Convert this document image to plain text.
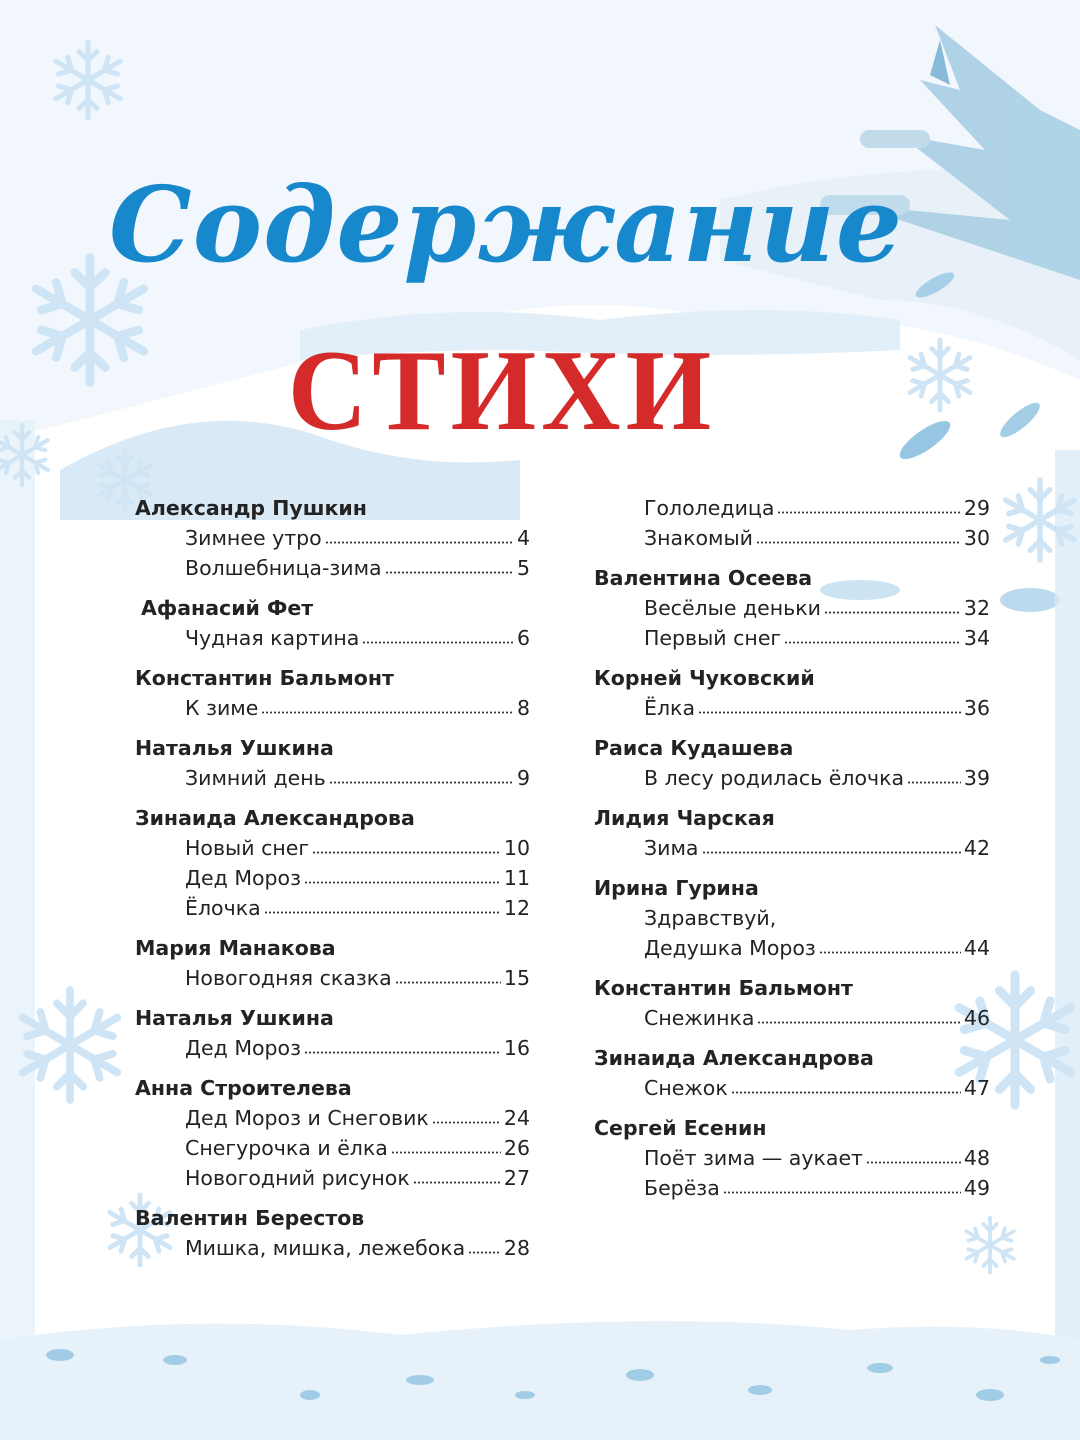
Содержание
СТИХИ
Александр Пушкин
Зимнее утро	4
Волшебница-зима	5
Афанасий Фет
Чудная картина	6
Константин Бальмонт
К зиме	8
Наталья Ушкина
Зимний день	9
Зинаида Александрова
Новый снег	10
Дед Мороз	11
Ёлочка	12
Мария Манакова
Новогодняя сказка	15
Наталья Ушкина
Дед Мороз	16
Анна Строителева
Дед Мороз и Снеговик	24
Снегурочка и ёлка	26
Новогодний рисунок	27
Валентин Берестов
Мишка, мишка, лежебока 28
Гололедица	29
Знакомый	30
Валентина Осеева
Весёлые деньки	32
Первый снег	34
Корней Чуковский
Ёлка	36
Раиса Кудашева
В лесу родилась ёлочка	39
Лидия Чарская
Зима	42
Ирина Гурина
Здравствуй,
Дедушка Мороз	44
Константин Бальмонт
Снежинка	46
Зинаида Александрова
Снежок	47
Сергей Есенин
Поёт зима — аукает	48
Берёза	49
